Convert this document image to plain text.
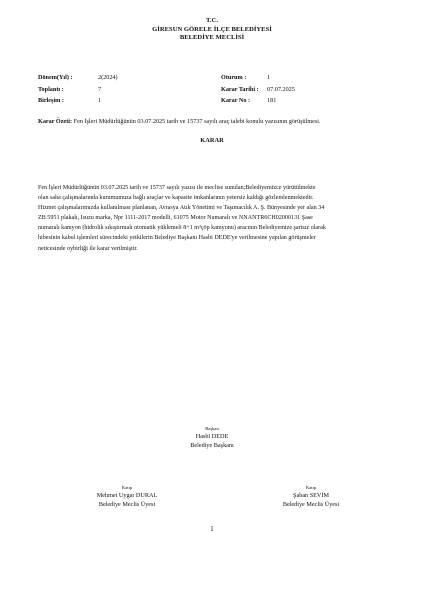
T.C.
GİRESUN GÖRELE İLÇE BELEDİYESİ
BELEDİYE MECLİSİ
Dönem(Yıl) :	2(2024)	Oturum :	1
Toplantı :	7	Karar Tarihi : 07.07.2025
Birleşim :	1	Karar No :	181
Karar Özeti: Fen İşleri Müdürlüğünün 03.07.2025 tarih ve 15737 sayılı araç talebi konulu yazısının görüşülmesi.
KARAR
Fen İşleri Müdürlüğünün 03.07.2025 tarih ve 15737 sayılı yazısı ile meclise sunulan;Belediyemizce yürütülmekte
olan saha çalışmalarında kurumumuza bağlı araçlar ve kapasite imkanlarının yetersiz kaldığı gözlemlenmektedir.
Hizmet çalışmalarımızda kullanılması planlanan, Avrasya Atık Yönetimi ve Taşımacılık A. Ş. Bünyesinde yer alan 34
ZB 5951 plakalı, Isuzu marka, Npr 1111-2017 modelli, 61075 Motor Numaralı ve NNANTR6CH02000131 Şase
numaralı kamyon (hidrolik sıkıştırmalı otomatik yüklemeli 8+1 m³çöp kamyonu) aracının Belediyemize şartsız olarak
hibesinin kabul işlemleri sürecindeki yetkilerin Belediye Başkanı Hasbi DEDE'ye verilmesine yapılan görüşmeler
neticesinde oybirliği ile karar verilmiştir.
Başkan
Hasbi DEDE
Belediye Başkanı
Katip
Mehmet Uygar DURAL
Belediye Meclis Üyesi
Katip
Şaban SEVİM
Belediye Meclis Üyesi
1
